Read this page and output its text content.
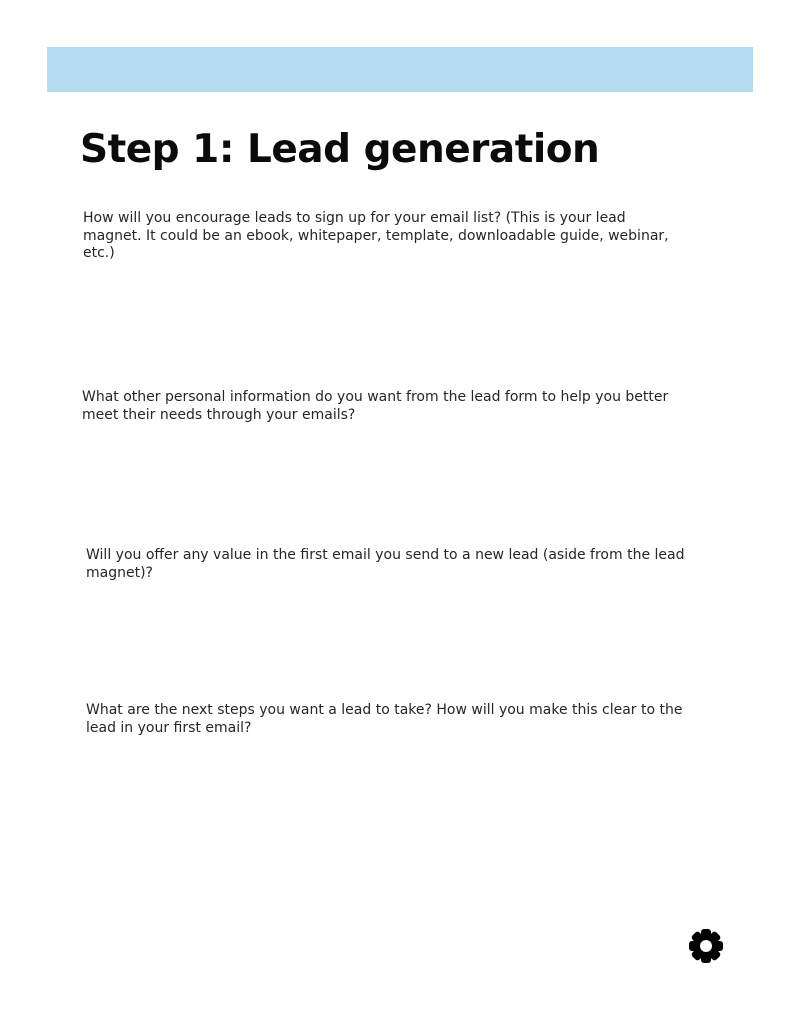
Step 1: Lead generation

How will you encourage leads to sign up for your email list? (This is your lead magnet. It could be an ebook, whitepaper, template, downloadable guide, webinar, etc.)

What other personal information do you want from the lead form to help you better meet their needs through your emails?

Will you offer any value in the first email you send to a new lead (aside from the lead magnet)?

What are the next steps you want a lead to take? How will you make this clear to the lead in your first email?
